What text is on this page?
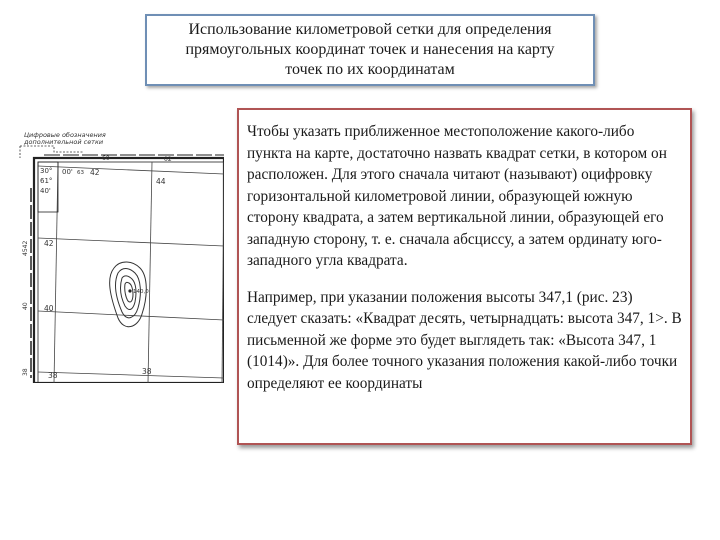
Использование километровой сетки для определения
прямоугольных координат точек и нанесения на карту
точек по их координатам
Цифровые обозначения
дополнительной сетки
30° 00' 63 42
61°
40'
60	02
44
42
40
38	38
4542
40
38
140,0

Чтобы указать приближенное местоположение какого-либо пункта на карте, достаточно назвать квадрат сетки, в котором он расположен. Для этого сначала читают (называют) оцифровку горизонтальной километровой линии, образующей южную сторону квадрата, а затем вертикальной линии, образующей его западную сторону, т. е. сначала абсциссу, а затем ординату юго-западного угла квадрата.

Например, при указании положения высоты 347,1 (рис. 23) следует сказать: «Квадрат десять, четырнадцать: высота 347, 1>. В письменной же форме это будет выглядеть так: «Высота 347, 1 (1014)». Для более точного указания положения какой-либо точки определяют ее координаты
